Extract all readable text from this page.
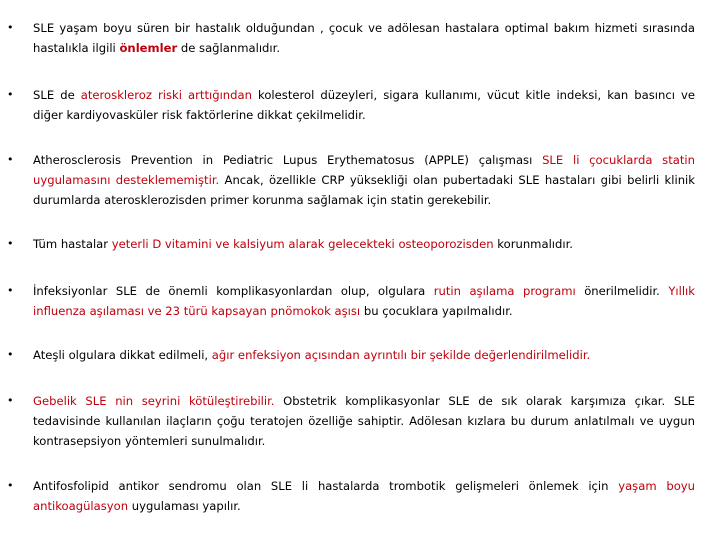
• SLE yaşam boyu süren bir hastalık olduğundan , çocuk ve adölesan hastalara optimal bakım hizmeti sırasında hastalıkla ilgili önlemler de sağlanmalıdır.
• SLE de ateroskleroz riski arttığından kolesterol düzeyleri, sigara kullanımı, vücut kitle indeksi, kan basıncı ve diğer kardiyovasküler risk faktörlerine dikkat çekilmelidir.
• Atherosclerosis Prevention in Pediatric Lupus Erythematosus (APPLE) çalışması SLE li çocuklarda statin uygulamasını desteklememiştir. Ancak, özellikle CRP yüksekliği olan pubertadaki SLE hastaları gibi belirli klinik durumlarda aterosklerozisden primer korunma sağlamak için statin gerekebilir.
• Tüm hastalar yeterli D vitamini ve kalsiyum alarak gelecekteki osteoporozisden korunmalıdır.
• İnfeksiyonlar SLE de önemli komplikasyonlardan olup, olgulara rutin aşılama programı önerilmelidir. Yıllık influenza aşılaması ve 23 türü kapsayan pnömokok aşısı bu çocuklara yapılmalıdır.
• Ateşli olgulara dikkat edilmeli, ağır enfeksiyon açısından ayrıntılı bir şekilde değerlendirilmelidir.
• Gebelik SLE nin seyrini kötüleştirebilir. Obstetrik komplikasyonlar SLE de sık olarak karşımıza çıkar. SLE tedavisinde kullanılan ilaçların çoğu teratojen özelliğe sahiptir. Adölesan kızlara bu durum anlatılmalı ve uygun kontrasepsiyon yöntemleri sunulmalıdır.
• Antifosfolipid antikor sendromu olan SLE li hastalarda trombotik gelişmeleri önlemek için yaşam boyu antikoagülasyon uygulaması yapılır.
